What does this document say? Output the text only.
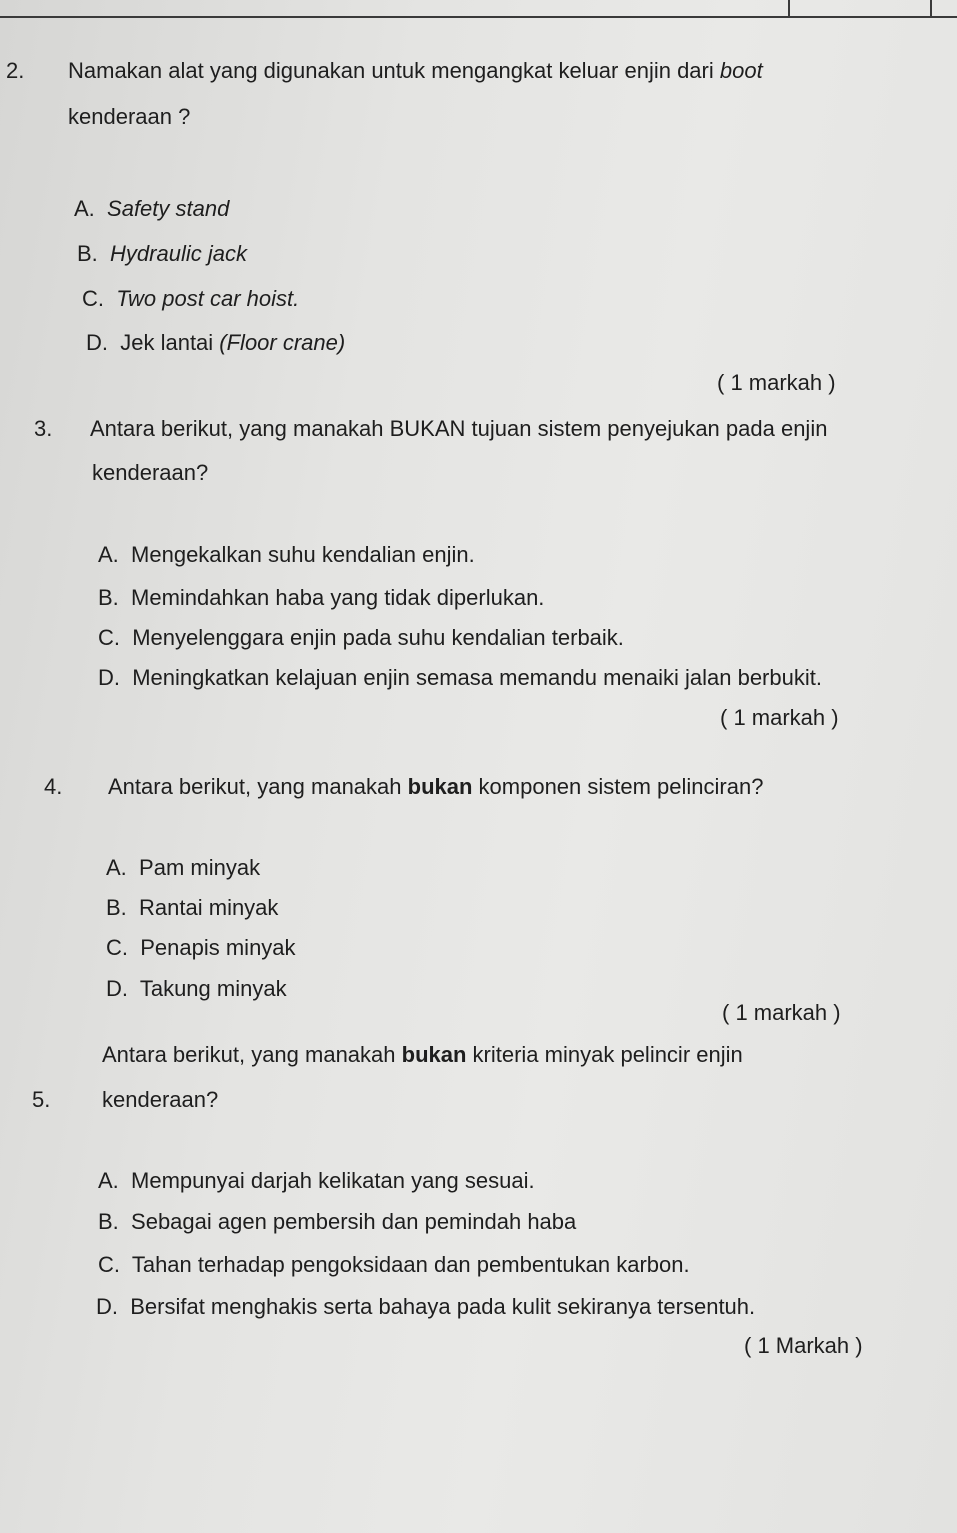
2. Namakan alat yang digunakan untuk mengangkat keluar enjin dari boot
kenderaan ?
A. Safety stand
B. Hydraulic jack
C. Two post car hoist.
D. Jek lantai (Floor crane)
( 1 markah )
3. Antara berikut, yang manakah BUKAN tujuan sistem penyejukan pada enjin
kenderaan?
A. Mengekalkan suhu kendalian enjin.
B. Memindahkan haba yang tidak diperlukan.
C. Menyelenggara enjin pada suhu kendalian terbaik.
D. Meningkatkan kelajuan enjin semasa memandu menaiki jalan berbukit.
( 1 markah )
4. Antara berikut, yang manakah bukan komponen sistem pelinciran?
A. Pam minyak
B. Rantai minyak
C. Penapis minyak
D. Takung minyak
( 1 markah )
Antara berikut, yang manakah bukan kriteria minyak pelincir enjin
5. kenderaan?
A. Mempunyai darjah kelikatan yang sesuai.
B. Sebagai agen pembersih dan pemindah haba
C. Tahan terhadap pengoksidaan dan pembentukan karbon.
D. Bersifat menghakis serta bahaya pada kulit sekiranya tersentuh.
( 1 Markah )
